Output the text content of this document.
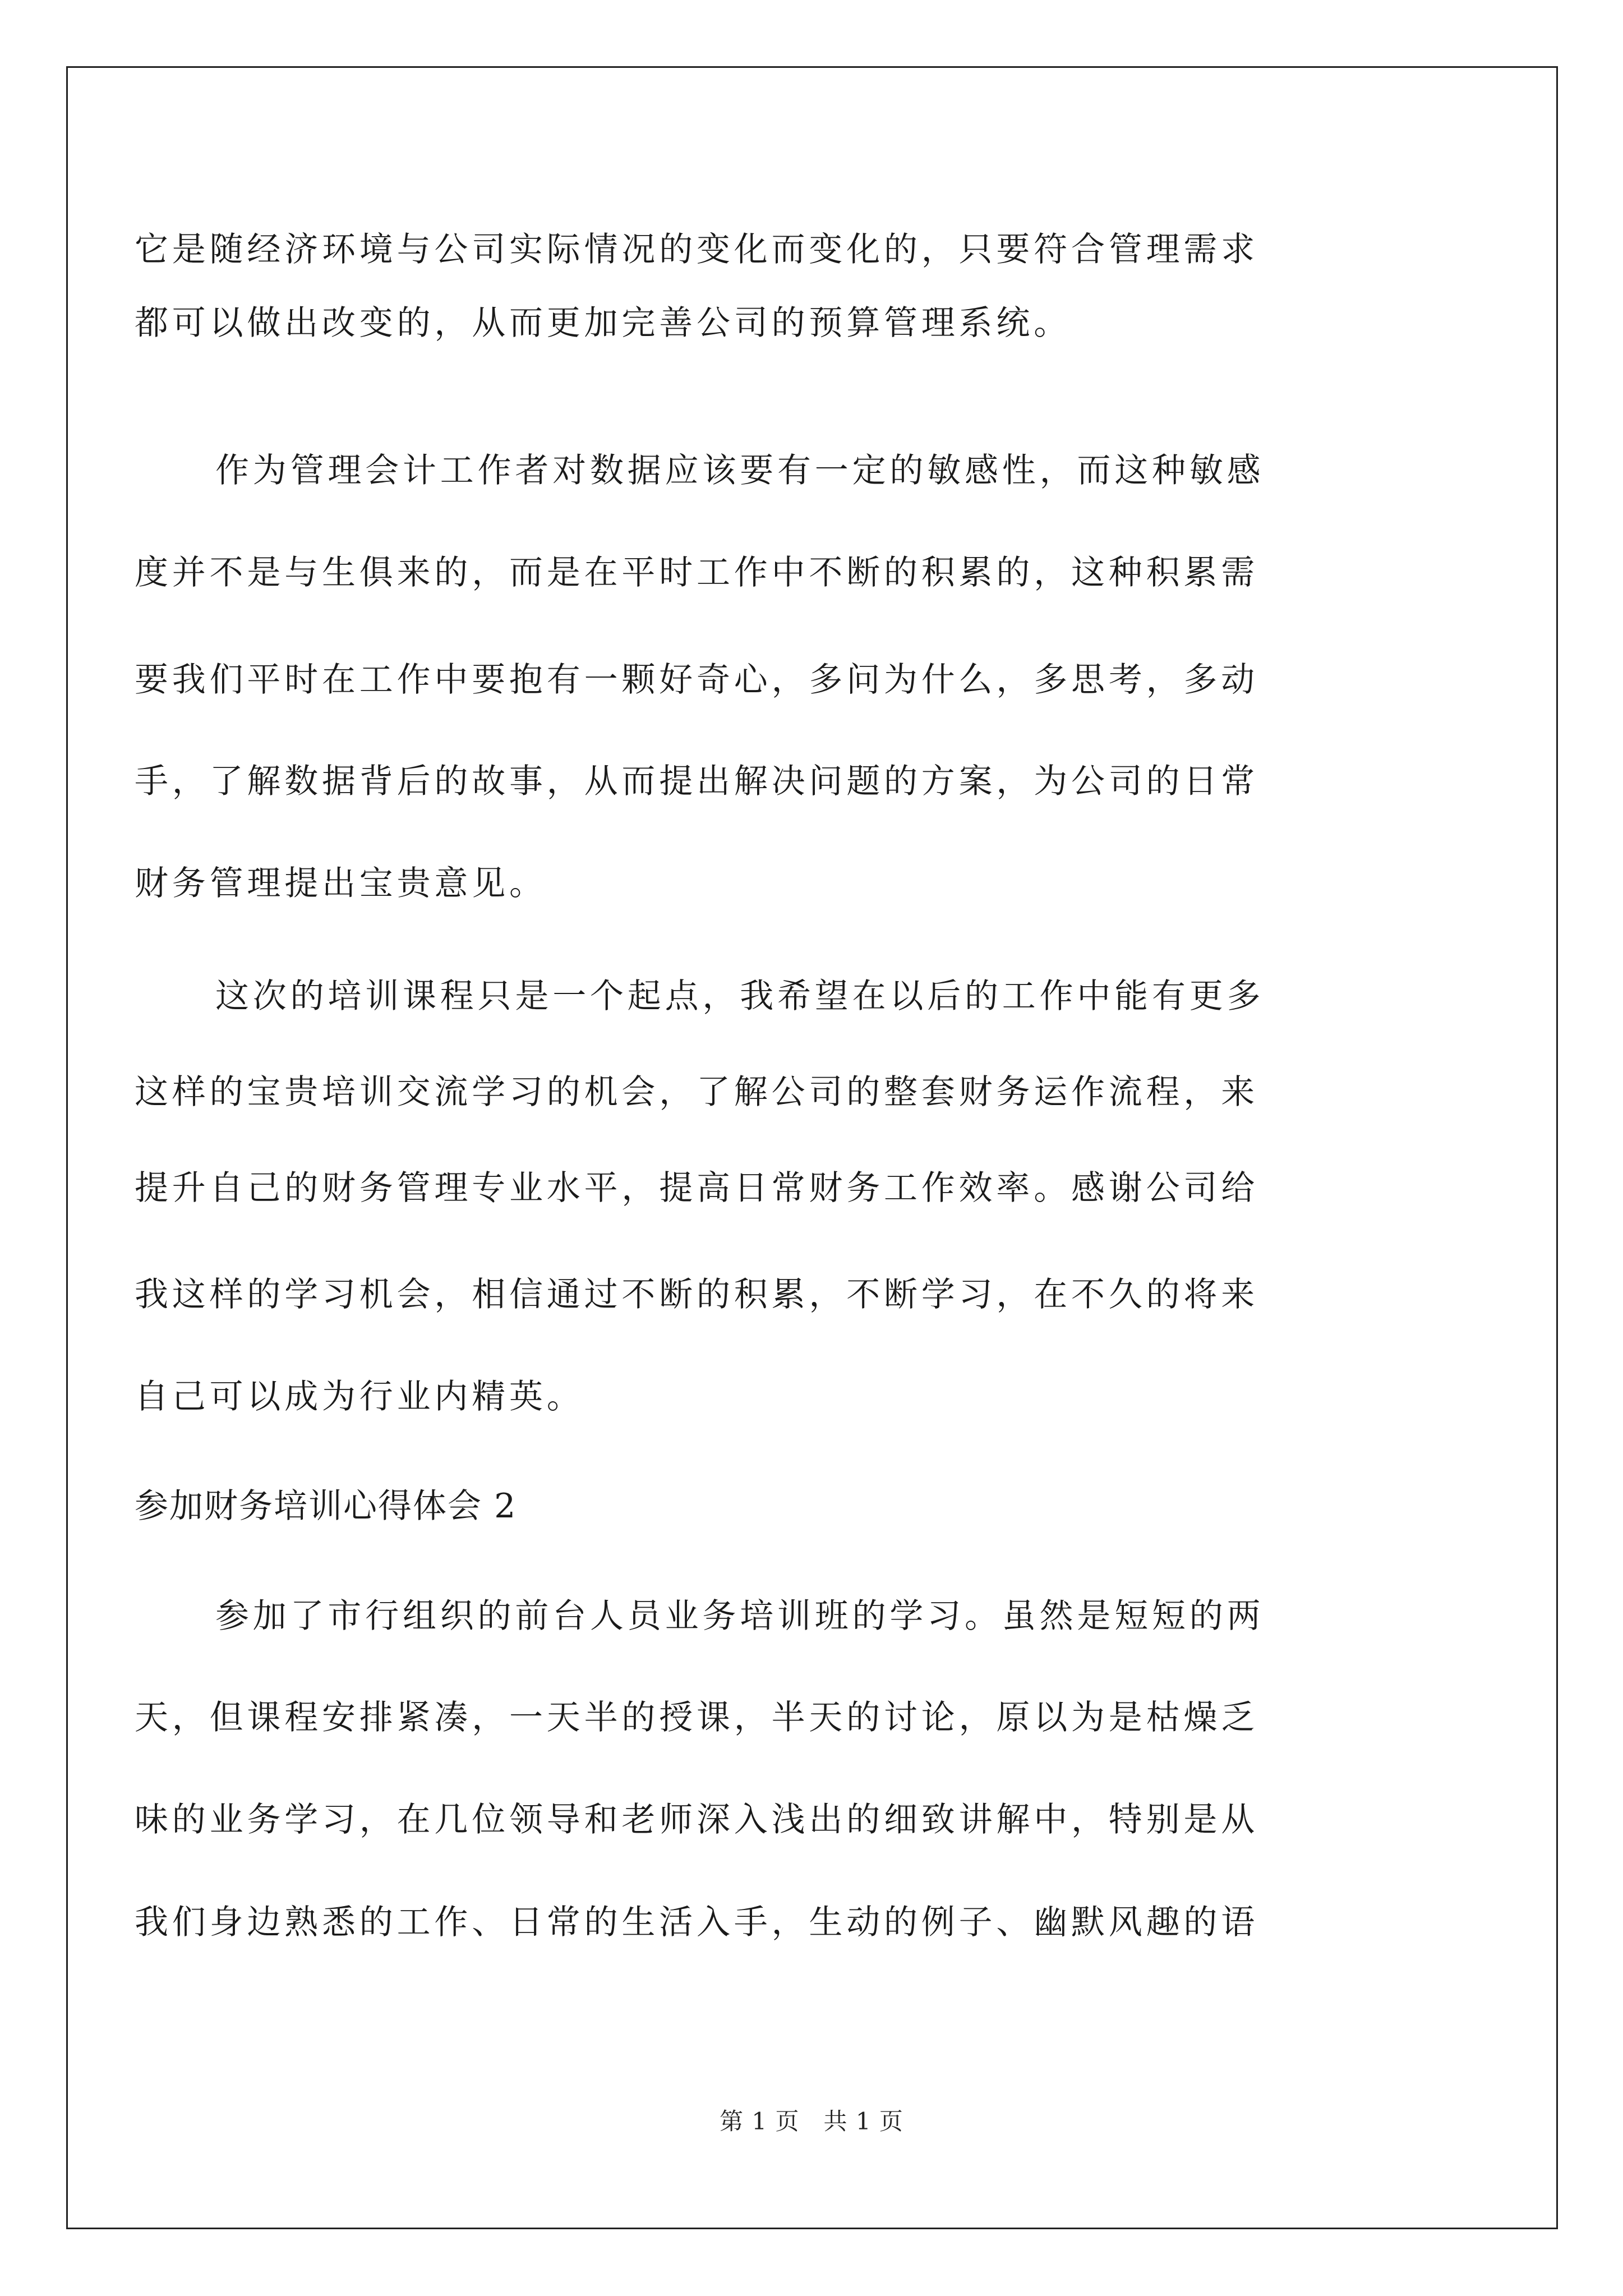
它是随经济环境与公司实际情况的变化而变化的，只要符合管理需求
都可以做出改变的，从而更加完善公司的预算管理系统。
作为管理会计工作者对数据应该要有一定的敏感性，而这种敏感
度并不是与生俱来的，而是在平时工作中不断的积累的，这种积累需
要我们平时在工作中要抱有一颗好奇心，多问为什么，多思考，多动
手，了解数据背后的故事，从而提出解决问题的方案，为公司的日常
财务管理提出宝贵意见。
这次的培训课程只是一个起点，我希望在以后的工作中能有更多
这样的宝贵培训交流学习的机会，了解公司的整套财务运作流程，来
提升自己的财务管理专业水平，提高日常财务工作效率。感谢公司给
我这样的学习机会，相信通过不断的积累，不断学习，在不久的将来
自己可以成为行业内精英。
参加财务培训心得体会 2
参加了市行组织的前台人员业务培训班的学习。虽然是短短的两
天，但课程安排紧凑，一天半的授课，半天的讨论，原以为是枯燥乏
味的业务学习，在几位领导和老师深入浅出的细致讲解中，特别是从
我们身边熟悉的工作、日常的生活入手，生动的例子、幽默风趣的语
第 1 页　共 1 页
